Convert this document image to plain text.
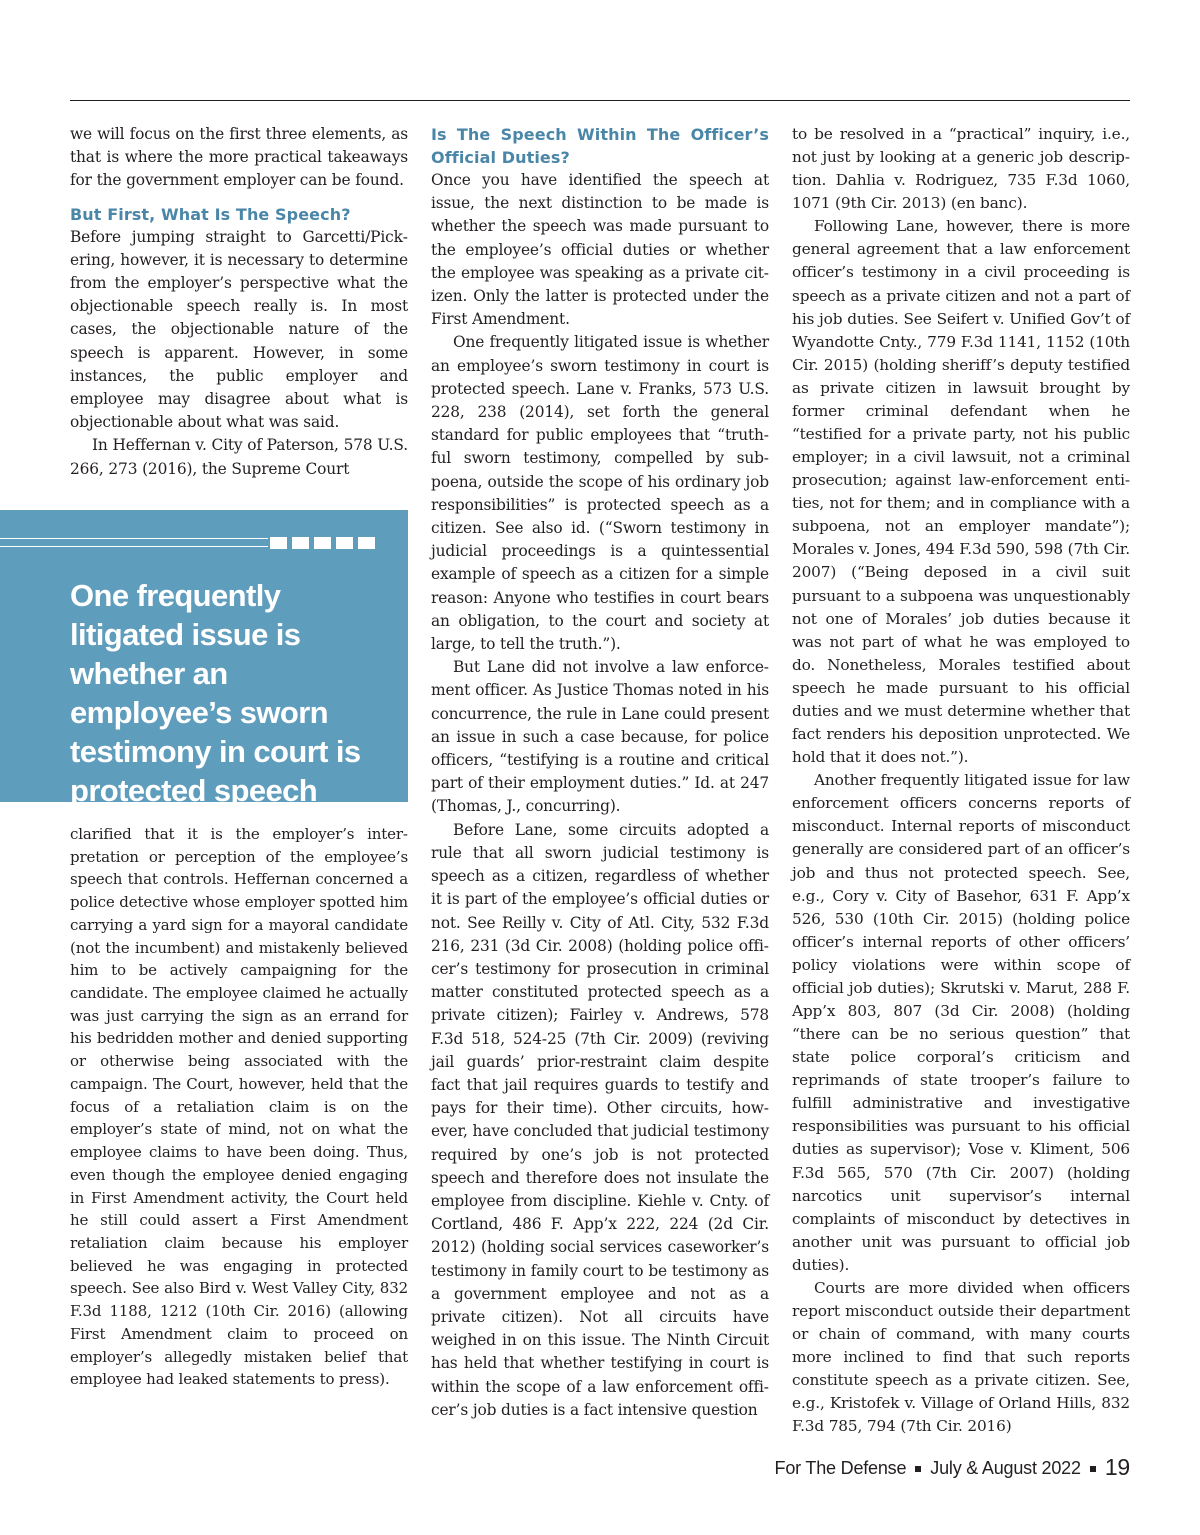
we will focus on the first three elements, as that is where the more practical takeaways for the government employer can be found.

But First, What Is The Speech?

Before jumping straight to Garcetti/Pickering, however, it is necessary to determine from the employer’s perspective what the objectionable speech really is. In most cases, the objectionable nature of the speech is apparent. However, in some instances, the public employer and employee may disagree about what is objectionable about what was said.

In Heffernan v. City of Paterson, 578 U.S. 266, 273 (2016), the Supreme Court

One frequently litigated issue is whether an employee’s sworn testimony in court is protected speech

clarified that it is the employer’s interpretation or perception of the employee’s speech that controls. Heffernan concerned a police detective whose employer spotted him carrying a yard sign for a mayoral candidate (not the incumbent) and mistakenly believed him to be actively campaigning for the candidate. The employee claimed he actually was just carrying the sign as an errand for his bedridden mother and denied supporting or otherwise being associated with the campaign. The Court, however, held that the focus of a retaliation claim is on the employer’s state of mind, not on what the employee claims to have been doing. Thus, even though the employee denied engaging in First Amendment activity, the Court held he still could assert a First Amendment retaliation claim because his employer believed he was engaging in protected speech. See also Bird v. West Valley City, 832 F.3d 1188, 1212 (10th Cir. 2016) (allowing First Amendment claim to proceed on employer’s allegedly mistaken belief that employee had leaked statements to press).

Is The Speech Within The Officer’s Official Duties?

Once you have identified the speech at issue, the next distinction to be made is whether the speech was made pursuant to the employee’s official duties or whether the employee was speaking as a private citizen. Only the latter is protected under the First Amendment.

One frequently litigated issue is whether an employee’s sworn testimony in court is protected speech. Lane v. Franks, 573 U.S. 228, 238 (2014), set forth the general standard for public employees that “truthful sworn testimony, compelled by subpoena, outside the scope of his ordinary job responsibilities” is protected speech as a citizen. See also id. (“Sworn testimony in judicial proceedings is a quintessential example of speech as a citizen for a simple reason: Anyone who testifies in court bears an obligation, to the court and society at large, to tell the truth.”).

But Lane did not involve a law enforcement officer. As Justice Thomas noted in his concurrence, the rule in Lane could present an issue in such a case because, for police officers, “testifying is a routine and critical part of their employment duties.” Id. at 247 (Thomas, J., concurring).

Before Lane, some circuits adopted a rule that all sworn judicial testimony is speech as a citizen, regardless of whether it is part of the employee’s official duties or not. See Reilly v. City of Atl. City, 532 F.3d 216, 231 (3d Cir. 2008) (holding police officer’s testimony for prosecution in criminal matter constituted protected speech as a private citizen); Fairley v. Andrews, 578 F.3d 518, 524-25 (7th Cir. 2009) (reviving jail guards’ prior-restraint claim despite fact that jail requires guards to testify and pays for their time). Other circuits, however, have concluded that judicial testimony required by one’s job is not protected speech and therefore does not insulate the employee from discipline. Kiehle v. Cnty. of Cortland, 486 F. App’x 222, 224 (2d Cir. 2012) (holding social services caseworker’s testimony in family court to be testimony as a government employee and not as a private citizen). Not all circuits have weighed in on this issue. The Ninth Circuit has held that whether testifying in court is within the scope of a law enforcement officer’s job duties is a fact intensive question

to be resolved in a “practical” inquiry, i.e., not just by looking at a generic job description. Dahlia v. Rodriguez, 735 F.3d 1060, 1071 (9th Cir. 2013) (en banc).

Following Lane, however, there is more general agreement that a law enforcement officer’s testimony in a civil proceeding is speech as a private citizen and not a part of his job duties. See Seifert v. Unified Gov’t of Wyandotte Cnty., 779 F.3d 1141, 1152 (10th Cir. 2015) (holding sheriff’s deputy testified as private citizen in lawsuit brought by former criminal defendant when he “testified for a private party, not his public employer; in a civil lawsuit, not a criminal prosecution; against law-enforcement entities, not for them; and in compliance with a subpoena, not an employer mandate”); Morales v. Jones, 494 F.3d 590, 598 (7th Cir. 2007) (“Being deposed in a civil suit pursuant to a subpoena was unquestionably not one of Morales’ job duties because it was not part of what he was employed to do. Nonetheless, Morales testified about speech he made pursuant to his official duties and we must determine whether that fact renders his deposition unprotected. We hold that it does not.”).

Another frequently litigated issue for law enforcement officers concerns reports of misconduct. Internal reports of misconduct generally are considered part of an officer’s job and thus not protected speech. See, e.g., Cory v. City of Basehor, 631 F. App’x 526, 530 (10th Cir. 2015) (holding police officer’s internal reports of other officers’ policy violations were within scope of official job duties); Skrutski v. Marut, 288 F. App’x 803, 807 (3d Cir. 2008) (holding “there can be no serious question” that state police corporal’s criticism and reprimands of state trooper’s failure to fulfill administrative and investigative responsibilities was pursuant to his official duties as supervisor); Vose v. Kliment, 506 F.3d 565, 570 (7th Cir. 2007) (holding narcotics unit supervisor’s internal complaints of misconduct by detectives in another unit was pursuant to official job duties).

Courts are more divided when officers report misconduct outside their department or chain of command, with many courts more inclined to find that such reports constitute speech as a private citizen. See, e.g., Kristofek v. Village of Orland Hills, 832 F.3d 785, 794 (7th Cir. 2016)

For The Defense July & August 2022 19
